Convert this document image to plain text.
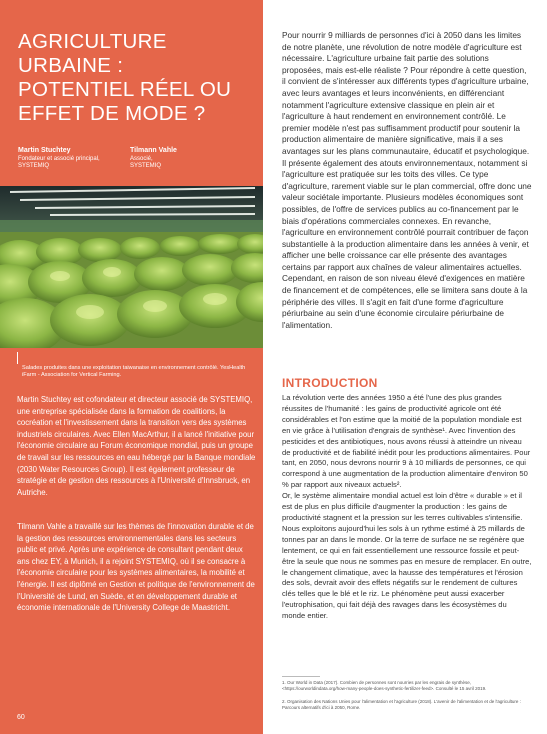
AGRICULTURE
URBAINE :
POTENTIEL RÉEL OU
EFFET DE MODE ?
Martin Stuchtey
Fondateur et associé principal,
SYSTEMIQ
Tilmann Vahle
Associé,
SYSTEMIQ
Salades produites dans une exploitation taiwanaise en environnement contrôlé. YesHealth iFarm - Association for Vertical Farming.

Martin Stuchtey est cofondateur et directeur associé de SYSTEMIQ, une entreprise spécialisée dans la formation de coalitions, la cocréation et l'investissement dans la transition vers des systèmes industriels circulaires. Avec Ellen MacArthur, il a lancé l'initiative pour l'économie circulaire au Forum économique mondial, puis un groupe de travail sur les ressources en eau hébergé par la Banque mondiale (2030 Water Resources Group). Il est également professeur de stratégie et de gestion des ressources à l'Université d'Innsbruck, en Autriche.

Tilmann Vahle a travaillé sur les thèmes de l'innovation durable et de la gestion des ressources environnementales dans les secteurs public et privé. Après une expérience de consultant pendant deux ans chez EY, à Munich, il a rejoint SYSTEMIQ, où il se consacre à l'économie circulaire pour les systèmes alimentaires, la mobilité et l'énergie. Il est diplômé en Gestion et politique de l'environnement de l'Université de Lund, en Suède, et en développement durable et économie internationale de l'University College de Maastricht.

60

Pour nourrir 9 milliards de personnes d'ici à 2050 dans les limites de notre planète, une révolution de notre modèle d'agriculture est nécessaire. L'agriculture urbaine fait partie des solutions proposées, mais est-elle réaliste ? Pour répondre à cette question, il convient de s'intéresser aux différents types d'agriculture urbaine, avec leurs avantages et leurs inconvénients, en différenciant notamment l'agriculture extensive classique en plein air et l'agriculture à haut rendement en environnement contrôlé. Le premier modèle n'est pas suffisamment productif pour soutenir la production alimentaire de manière significative, mais il a ses avantages sur les plans communautaire, éducatif et psychologique. Il présente également des atouts environnementaux, notamment si l'agriculture est pratiquée sur les toits des villes. Ce type d'agriculture, rarement viable sur le plan commercial, offre donc une valeur sociétale importante. Plusieurs modèles économiques sont possibles, de l'offre de services publics au co-financement par le biais d'opérations commerciales connexes. En revanche, l'agriculture en environnement contrôlé pourrait contribuer de façon substantielle à la production alimentaire dans les années à venir, et afficher une belle croissance car elle présente des avantages certains par rapport aux chaînes de valeur alimentaires actuelles. Cependant, en raison de son niveau élevé d'exigences en matière de financement et de compétences, elle se limitera sans doute à la périphérie des villes. Il s'agit en fait d'une forme d'agriculture périurbaine au sein d'une économie circulaire périurbaine de l'alimentation.

INTRODUCTION

La révolution verte des années 1950 a été l'une des plus grandes réussites de l'humanité : les gains de productivité agricole ont été considérables et l'on estime que la moitié de la population mondiale est en vie grâce à l'utilisation d'engrais de synthèse¹. Avec l'invention des pesticides et des antibiotiques, nous avons réussi à atteindre un niveau de productivité et de fiabilité inédit pour les productions alimentaires. Pour tant, en 2050, nous devrons nourrir 9 à 10 milliards de personnes, ce qui correspond à une augmentation de la production alimentaire d'environ 50 % par rapport aux niveaux actuels².

Or, le système alimentaire mondial actuel est loin d'être « durable » et il est de plus en plus difficile d'augmenter la production : les gains de productivité stagnent et la pression sur les terres cultivables s'intensifie. Nous exploitons aujourd'hui les sols à un rythme estimé à 25 millards de tonnes par an dans le monde. Or la terre de surface ne se regénère que lentement, ce qui en fait essentiellement une ressource fossile et peut-être la seule que nous ne sommes pas en mesure de remplacer. En outre, le changement climatique, avec la hausse des températures et l'érosion des sols, devrait avoir des effets négatifs sur le rendement de cultures clés telles que le blé et le riz. Le phénomène peut aussi exacerber l'eutrophisation, qui fait déjà des ravages dans les écosystèmes du monde entier.

1. Our World in Data (2017). Combien de personnes sont nourries par les engrais de synthèse, <https://ourworldindata.org/how-many-people-does-synthetic-fertilizer-feed>. Consulté le 15 avril 2019.

2. Organisation des Nations Unies pour l'alimentation et l'agriculture (2018). L'avenir de l'alimentation et de l'agriculture : Parcours alternatifs d'ici à 2050, Rome.
